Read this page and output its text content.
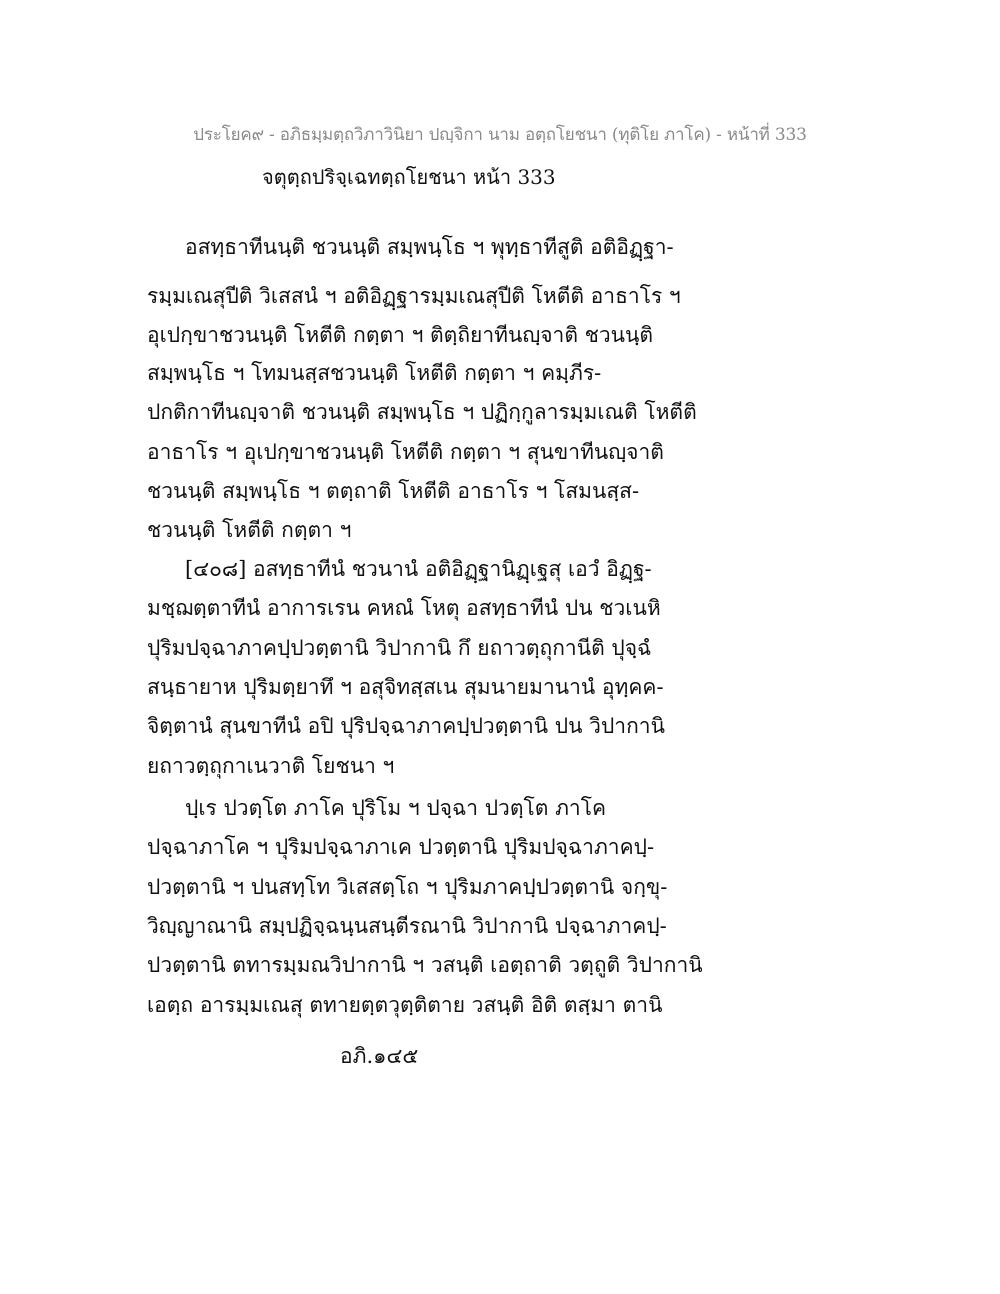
ประโยค๙ - อภิธมฺมตฺถวิภาวินิยา ปญฺจิกา นาม อตฺถโยชนา (ทุติโย ภาโค) - หน้าที่ 333
จตุตฺถปริจฺเฉทตฺถโยชนา หน้า 333
อสทฺธาทีนนฺติ ชวนนฺติ สมฺพนฺโธ ฯ พุทฺธาทีสูติ อติอิฏฺฐา-
รมฺมเณสุปีติ วิเสสนํ ฯ อติอิฏฺฐารมฺมเณสุปีติ โหตีติ อาธาโร ฯ
อุเปกฺขาชวนนฺติ โหตีติ กตฺตา ฯ ติตฺถิยาทีนญฺจาติ ชวนนฺติ
สมฺพนฺโธ ฯ โทมนสฺสชวนนฺติ โหตีติ กตฺตา ฯ คมฺภีร-
ปกติกาทีนญฺจาติ ชวนนฺติ สมฺพนฺโธ ฯ ปฏิกฺกูลารมฺมเณติ โหตีติ
อาธาโร ฯ อุเปกฺขาชวนนฺติ โหตีติ กตฺตา ฯ สุนขาทีนญฺจาติ
ชวนนฺติ สมฺพนฺโธ ฯ ตตฺถาติ โหตีติ อาธาโร ฯ โสมนสฺส-
ชวนนฺติ โหตีติ กตฺตา ฯ
[๔๐๘] อสทฺธาทีนํ ชวนานํ อติอิฏฺฐานิฏฺเฐสุ เอวํ อิฏฺฐ-
มชฺฌตฺตาทีนํ อาการเรน คหณํ โหตุ อสทฺธาทีนํ ปน ชวเนหิ
ปุริมปจฺฉาภาคปฺปวตฺตานิ วิปากานิ กึ ยถาวตฺถุกานีติ ปุจฺฉํ
สนฺธายาห ปุริมตฺยาทึ ฯ อสุจิทสฺสเน สุมนายมานานํ อุทฺคค-
จิตฺตานํ สุนขาทีนํ อปิ ปุริปจฺฉาภาคปฺปวตฺตานิ ปน วิปากานิ
ยถาวตฺถุกาเนวาติ โยชนา ฯ
ปฺเร ปวตฺโต ภาโค ปุริโม ฯ ปจฺฉา ปวตฺโต ภาโค
ปจฺฉาภาโค ฯ ปุริมปจฺฉาภาเค ปวตฺตานิ ปุริมปจฺฉาภาคปฺ-
ปวตฺตานิ ฯ ปนสทฺโท วิเสสตฺโถ ฯ ปุริมภาคปฺปวตฺตานิ จกฺขุ-
วิญฺญาณานิ สมฺปฏิจฺฉนฺนสนฺตีรณานิ วิปากานิ ปจฺฉาภาคปฺ-
ปวตฺตานิ ตทารมฺมณวิปากานิ ฯ วสนฺติ เอตฺถาติ วตฺถูติ วิปากานิ
เอตฺถ อารมฺมเณสุ ตทายตฺตวุตฺติตาย วสนฺติ อิติ ตสฺมา ตานิ
อภิ.๑๔๕
